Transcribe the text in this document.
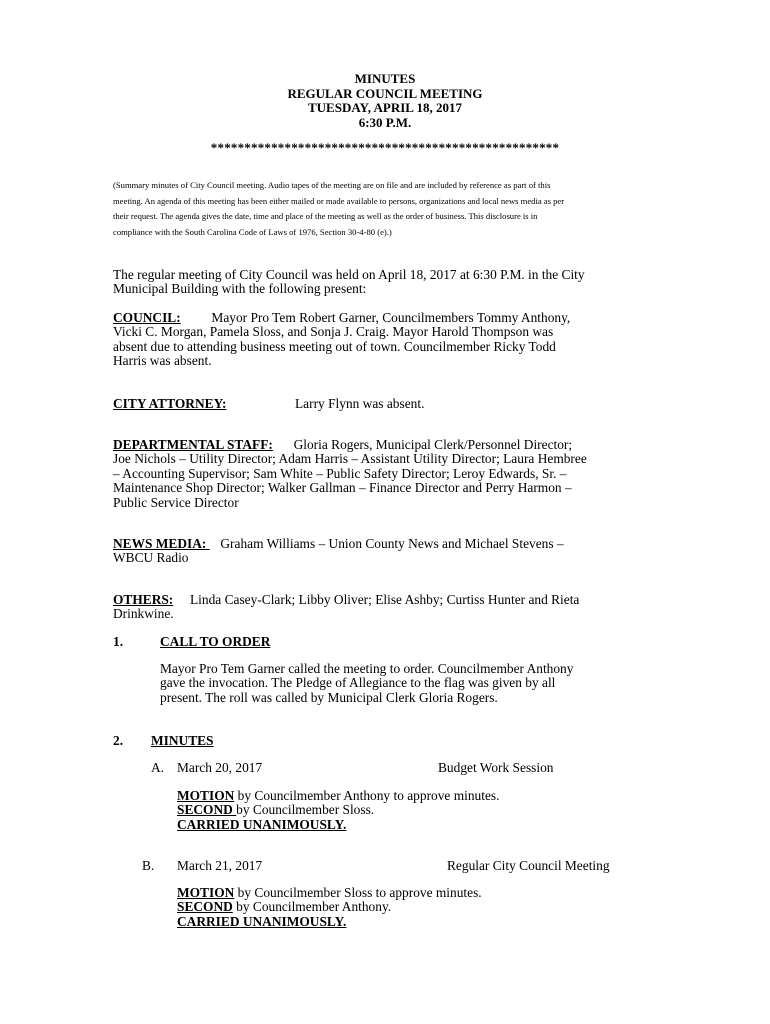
MINUTES
REGULAR COUNCIL MEETING
TUESDAY, APRIL 18, 2017
6:30 P.M.
****************************************************
(Summary minutes of City Council meeting. Audio tapes of the meeting are on file and are included by reference as part of this
meeting. An agenda of this meeting has been either mailed or made available to persons, organizations and local news media as per
their request. The agenda gives the date, time and place of the meeting as well as the order of business. This disclosure is in
compliance with the South Carolina Code of Laws of 1976, Section 30-4-80 (e).)
The regular meeting of City Council was held on April 18, 2017 at 6:30 P.M. in the City
Municipal Building with the following present:
COUNCIL: Mayor Pro Tem Robert Garner, Councilmembers Tommy Anthony,
Vicki C. Morgan, Pamela Sloss, and Sonja J. Craig. Mayor Harold Thompson was
absent due to attending business meeting out of town. Councilmember Ricky Todd
Harris was absent.
CITY ATTORNEY:	Larry Flynn was absent.
DEPARTMENTAL STAFF: Gloria Rogers, Municipal Clerk/Personnel Director;
Joe Nichols – Utility Director; Adam Harris – Assistant Utility Director; Laura Hembree
– Accounting Supervisor; Sam White – Public Safety Director; Leroy Edwards, Sr. –
Maintenance Shop Director; Walker Gallman – Finance Director and Perry Harmon –
Public Service Director
NEWS MEDIA: Graham Williams – Union County News and Michael Stevens –
WBCU Radio
OTHERS: Linda Casey-Clark; Libby Oliver; Elise Ashby; Curtiss Hunter and Rieta
Drinkwine.
1.	CALL TO ORDER
Mayor Pro Tem Garner called the meeting to order. Councilmember Anthony
gave the invocation. The Pledge of Allegiance to the flag was given by all
present. The roll was called by Municipal Clerk Gloria Rogers.
2. MINUTES
A. March 20, 2017	Budget Work Session
MOTION by Councilmember Anthony to approve minutes.
SECOND by Councilmember Sloss.
CARRIED UNANIMOUSLY.
B. March 21, 2017	Regular City Council Meeting
MOTION by Councilmember Sloss to approve minutes.
SECOND by Councilmember Anthony.
CARRIED UNANIMOUSLY.
